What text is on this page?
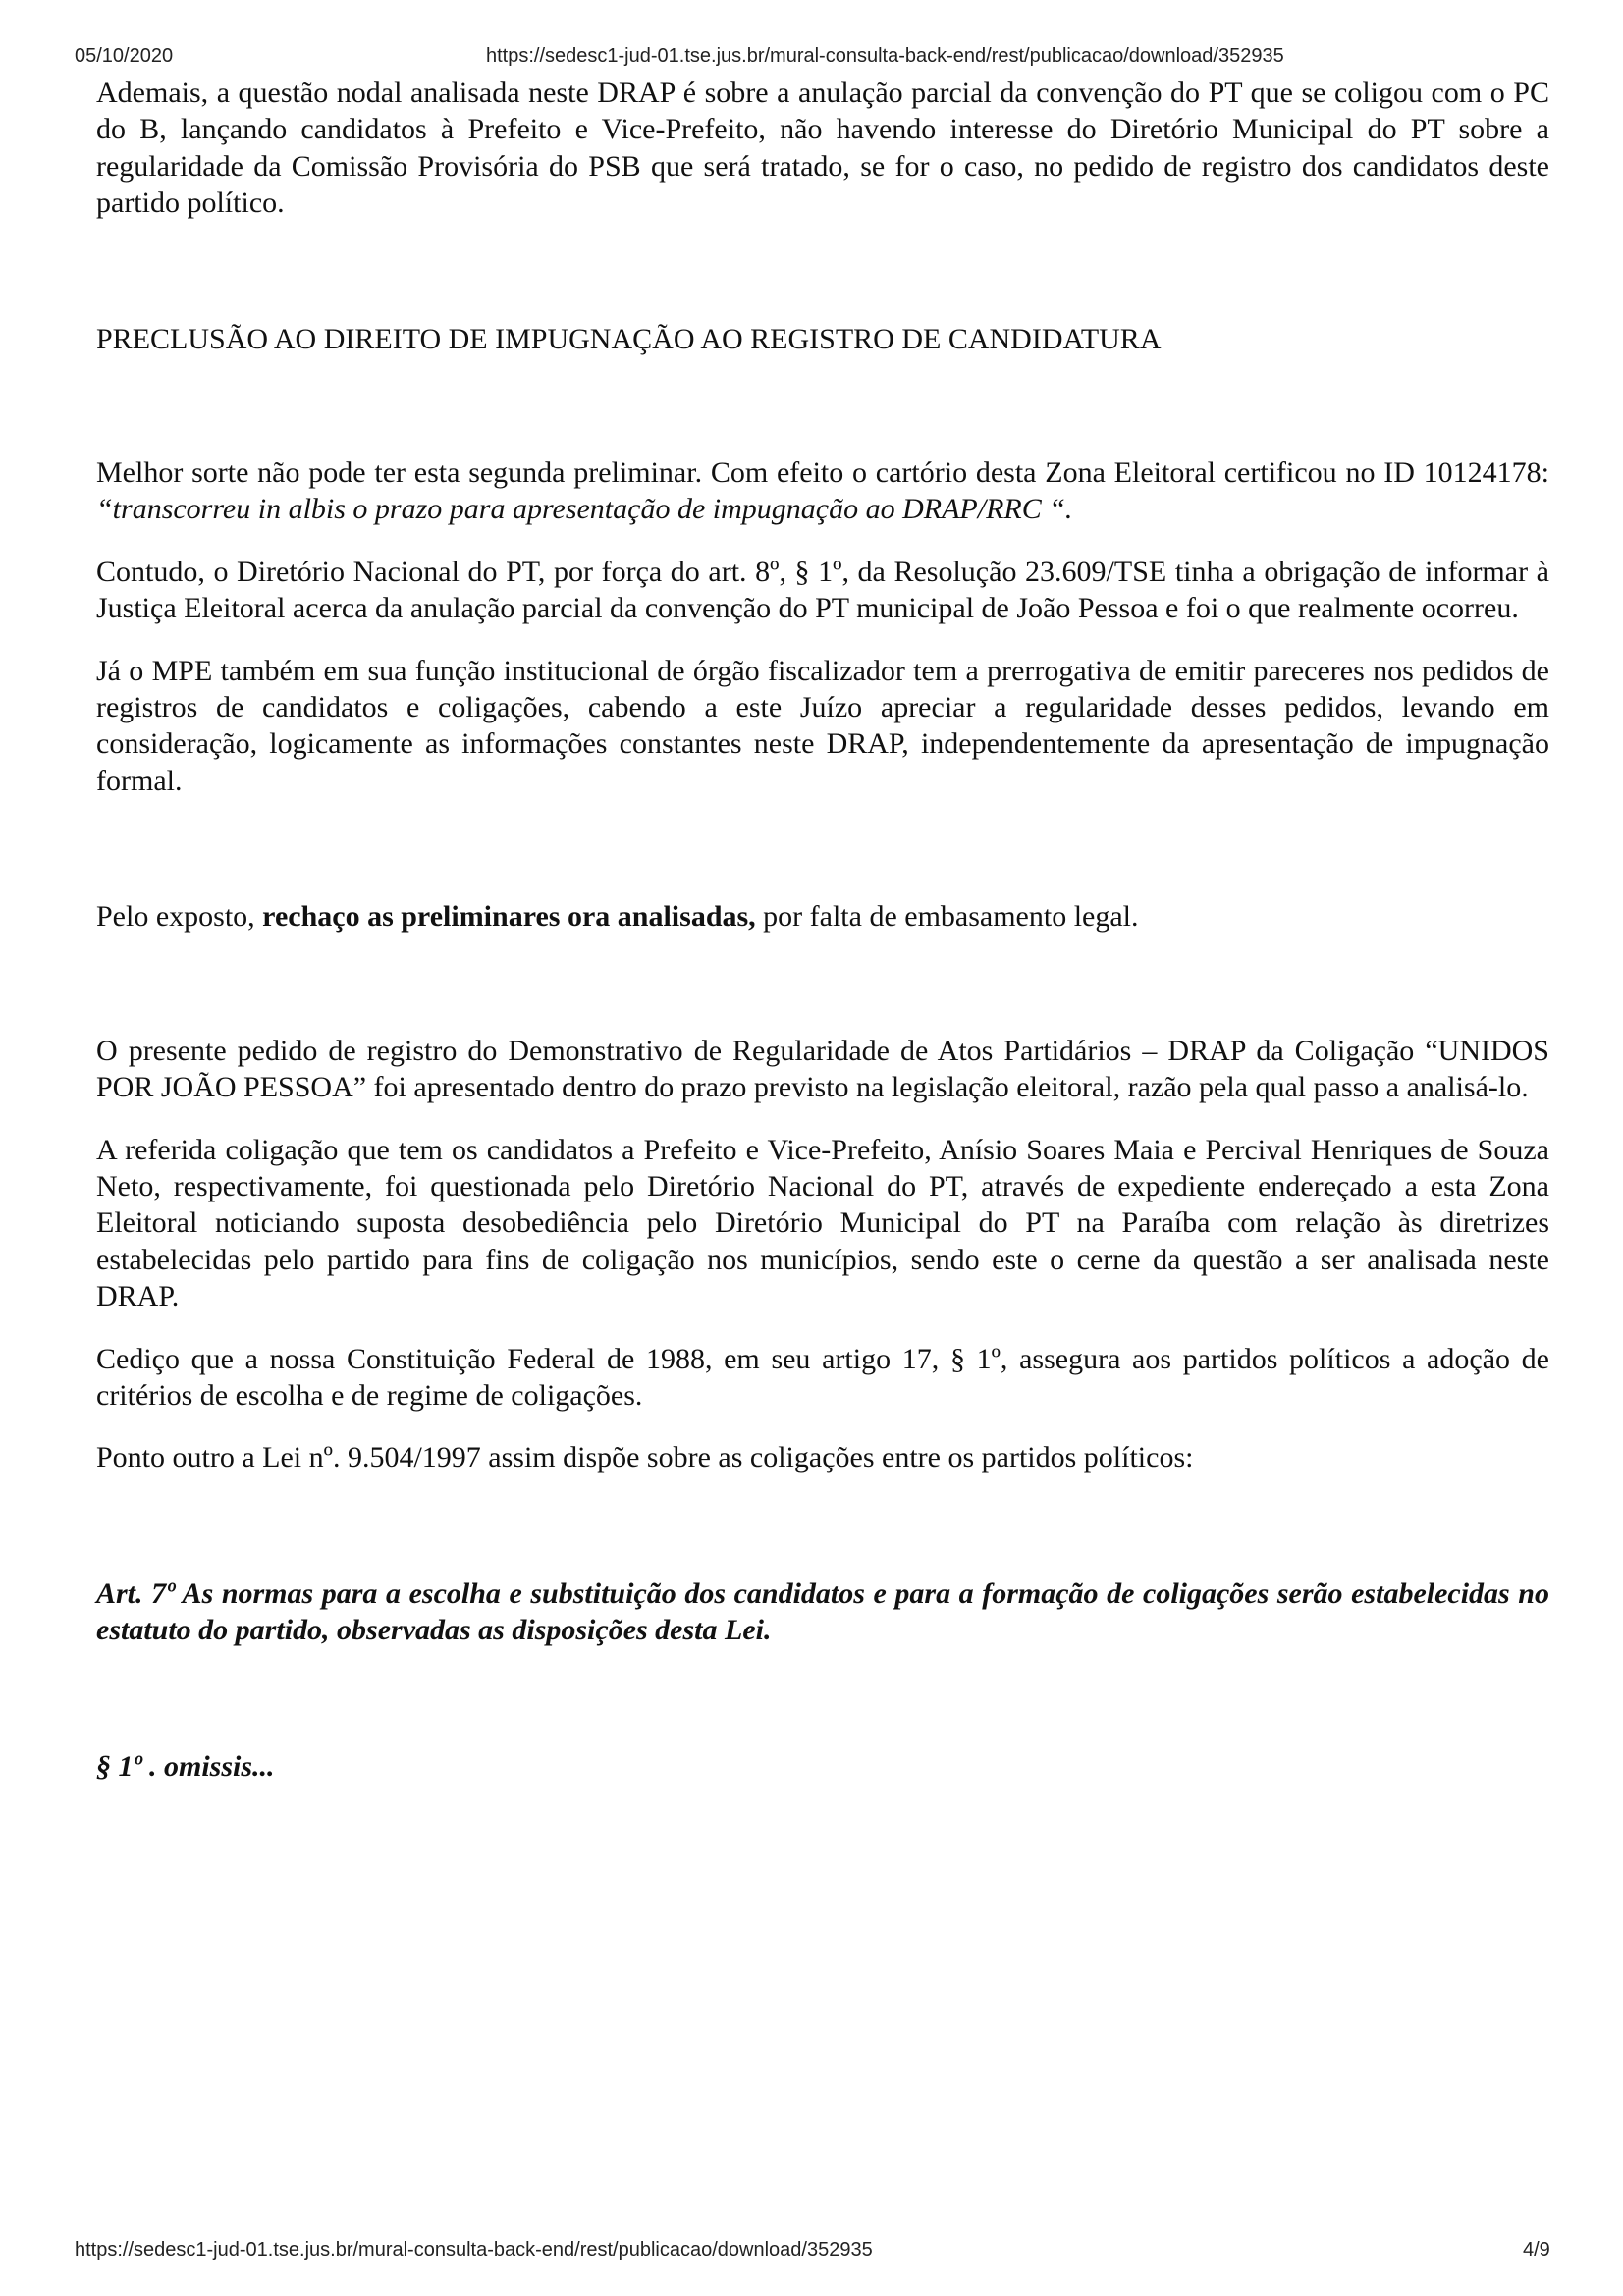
05/10/2020	https://sedesc1-jud-01.tse.jus.br/mural-consulta-back-end/rest/publicacao/download/352935

Ademais, a questão nodal analisada neste DRAP é sobre a anulação parcial da convenção do PT que se coligou com o PC do B, lançando candidatos à Prefeito e Vice-Prefeito, não havendo interesse do Diretório Municipal do PT sobre a regularidade da Comissão Provisória do PSB que será tratado, se for o caso, no pedido de registro dos candidatos deste partido político.

PRECLUSÃO AO DIREITO DE IMPUGNAÇÃO AO REGISTRO DE CANDIDATURA

Melhor sorte não pode ter esta segunda preliminar. Com efeito o cartório desta Zona Eleitoral certificou no ID 10124178: “transcorreu in albis o prazo para apresentação de impugnação ao DRAP/RRC “.

Contudo, o Diretório Nacional do PT, por força do art. 8º, § 1º, da Resolução 23.609/TSE tinha a obrigação de informar à Justiça Eleitoral acerca da anulação parcial da convenção do PT municipal de João Pessoa e foi o que realmente ocorreu.

Já o MPE também em sua função institucional de órgão fiscalizador tem a prerrogativa de emitir pareceres nos pedidos de registros de candidatos e coligações, cabendo a este Juízo apreciar a regularidade desses pedidos, levando em consideração, logicamente as informações constantes neste DRAP, independentemente da apresentação de impugnação formal.

Pelo exposto, rechaço as preliminares ora analisadas, por falta de embasamento legal.

O presente pedido de registro do Demonstrativo de Regularidade de Atos Partidários – DRAP da Coligação “UNIDOS POR JOÃO PESSOA” foi apresentado dentro do prazo previsto na legislação eleitoral, razão pela qual passo a analisá-lo.

A referida coligação que tem os candidatos a Prefeito e Vice-Prefeito, Anísio Soares Maia e Percival Henriques de Souza Neto, respectivamente, foi questionada pelo Diretório Nacional do PT, através de expediente endereçado a esta Zona Eleitoral noticiando suposta desobediência pelo Diretório Municipal do PT na Paraíba com relação às diretrizes estabelecidas pelo partido para fins de coligação nos municípios, sendo este o cerne da questão a ser analisada neste DRAP.

Cediço que a nossa Constituição Federal de 1988, em seu artigo 17, § 1º, assegura aos partidos políticos a adoção de critérios de escolha e de regime de coligações.

Ponto outro a Lei nº. 9.504/1997 assim dispõe sobre as coligações entre os partidos políticos:

Art. 7º As normas para a escolha e substituição dos candidatos e para a formação de coligações serão estabelecidas no estatuto do partido, observadas as disposições desta Lei.

§ 1º . omissis...

https://sedesc1-jud-01.tse.jus.br/mural-consulta-back-end/rest/publicacao/download/352935	4/9
